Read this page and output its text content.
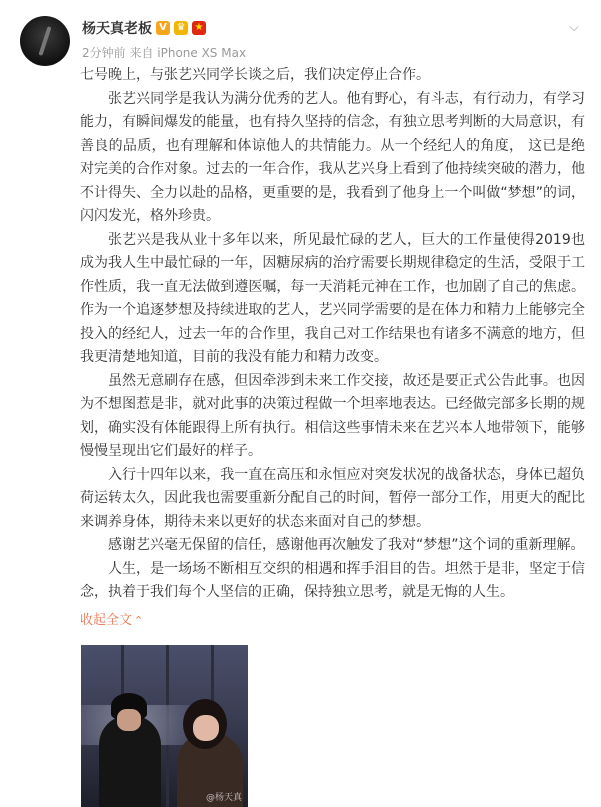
杨天真老板 V ♛ ★
2分钟前 来自 iPhone XS Max
⌵

七号晚上，与张艺兴同学长谈之后，我们决定停止合作。

张艺兴同学是我认为满分优秀的艺人。他有野心，有斗志，有行动力，有学习能力，有瞬间爆发的能量，也有持久坚持的信念，有独立思考判断的大局意识，有善良的品质，也有理解和体谅他人的共情能力。从一个经纪人的角度， 这已是绝对完美的合作对象。过去的一年合作，我从艺兴身上看到了他持续突破的潜力，他不计得失、全力以赴的品格，更重要的是，我看到了他身上一个叫做“梦想”的词，闪闪发光，格外珍贵。

张艺兴是我从业十多年以来，所见最忙碌的艺人，巨大的工作量使得2019也成为我人生中最忙碌的一年，因糖尿病的治疗需要长期规律稳定的生活，受限于工作性质，我一直无法做到遵医嘱，每一天消耗元神在工作，也加剧了自己的焦虑。作为一个追逐梦想及持续进取的艺人，艺兴同学需要的是在体力和精力上能够完全投入的经纪人，过去一年的合作里，我自己对工作结果也有诸多不满意的地方，但我更清楚地知道，目前的我没有能力和精力改变。

虽然无意刷存在感，但因牵涉到未来工作交接，故还是要正式公告此事。也因为不想图惹是非，就对此事的决策过程做一个坦率地表达。已经做完部多长期的规划，确实没有体能跟得上所有执行。相信这些事情未来在艺兴本人地带领下，能够慢慢呈现出它们最好的样子。

入行十四年以来，我一直在高压和永恒应对突发状况的战备状态，身体已超负荷运转太久，因此我也需要重新分配自己的时间，暂停一部分工作，用更大的配比来调养身体，期待未来以更好的状态来面对自己的梦想。

感谢艺兴毫无保留的信任，感谢他再次触发了我对“梦想”这个词的重新理解。

人生，是一场场不断相互交织的相遇和挥手泪目的告。坦然于是非，坚定于信念，执着于我们每个人坚信的正确，保持独立思考，就是无悔的人生。

收起全文 ⌃
@杨天真
